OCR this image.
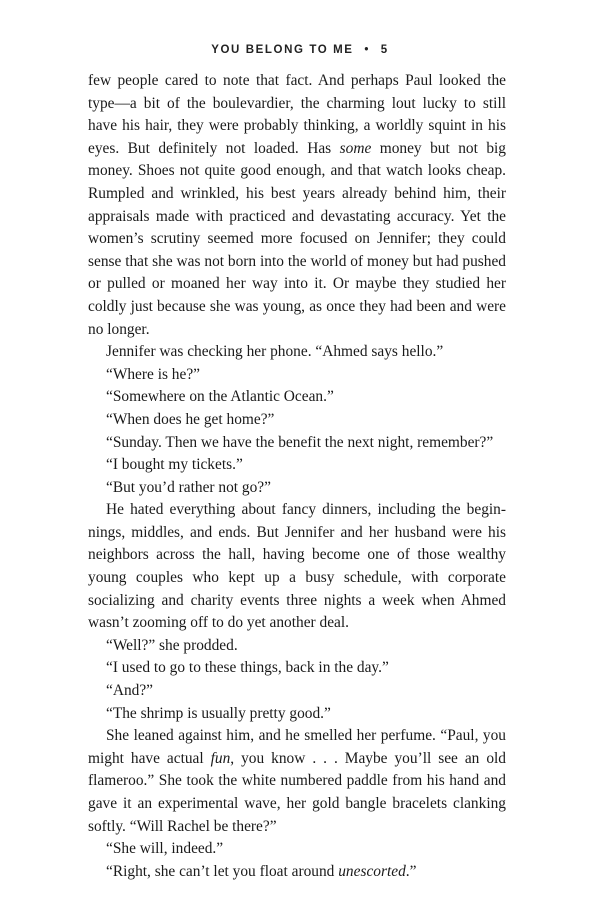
YOU BELONG TO ME • 5

few people cared to note that fact. And perhaps Paul looked the type—a bit of the boulevardier, the charming lout lucky to still have his hair, they were probably thinking, a worldly squint in his eyes. But definitely not loaded. Has some money but not big money. Shoes not quite good enough, and that watch looks cheap. Rumpled and wrinkled, his best years already behind him, their appraisals made with practiced and devastating accuracy. Yet the women’s scrutiny seemed more focused on Jennifer; they could sense that she was not born into the world of money but had pushed or pulled or moaned her way into it. Or maybe they studied her coldly just because she was young, as once they had been and were no longer.

Jennifer was checking her phone. “Ahmed says hello.”

“Where is he?”

“Somewhere on the Atlantic Ocean.”

“When does he get home?”

“Sunday. Then we have the benefit the next night, remember?”

“I bought my tickets.”

“But you’d rather not go?”

He hated everything about fancy dinners, including the beginnings, middles, and ends. But Jennifer and her husband were his neighbors across the hall, having become one of those wealthy young couples who kept up a busy schedule, with corporate socializing and charity events three nights a week when Ahmed wasn’t zooming off to do yet another deal.

“Well?” she prodded.

“I used to go to these things, back in the day.”

“And?”

“The shrimp is usually pretty good.”

She leaned against him, and he smelled her perfume. “Paul, you might have actual fun, you know . . . Maybe you’ll see an old flameroo.” She took the white numbered paddle from his hand and gave it an experimental wave, her gold bangle bracelets clanking softly. “Will Rachel be there?”

“She will, indeed.”

“Right, she can’t let you float around unescorted.”
